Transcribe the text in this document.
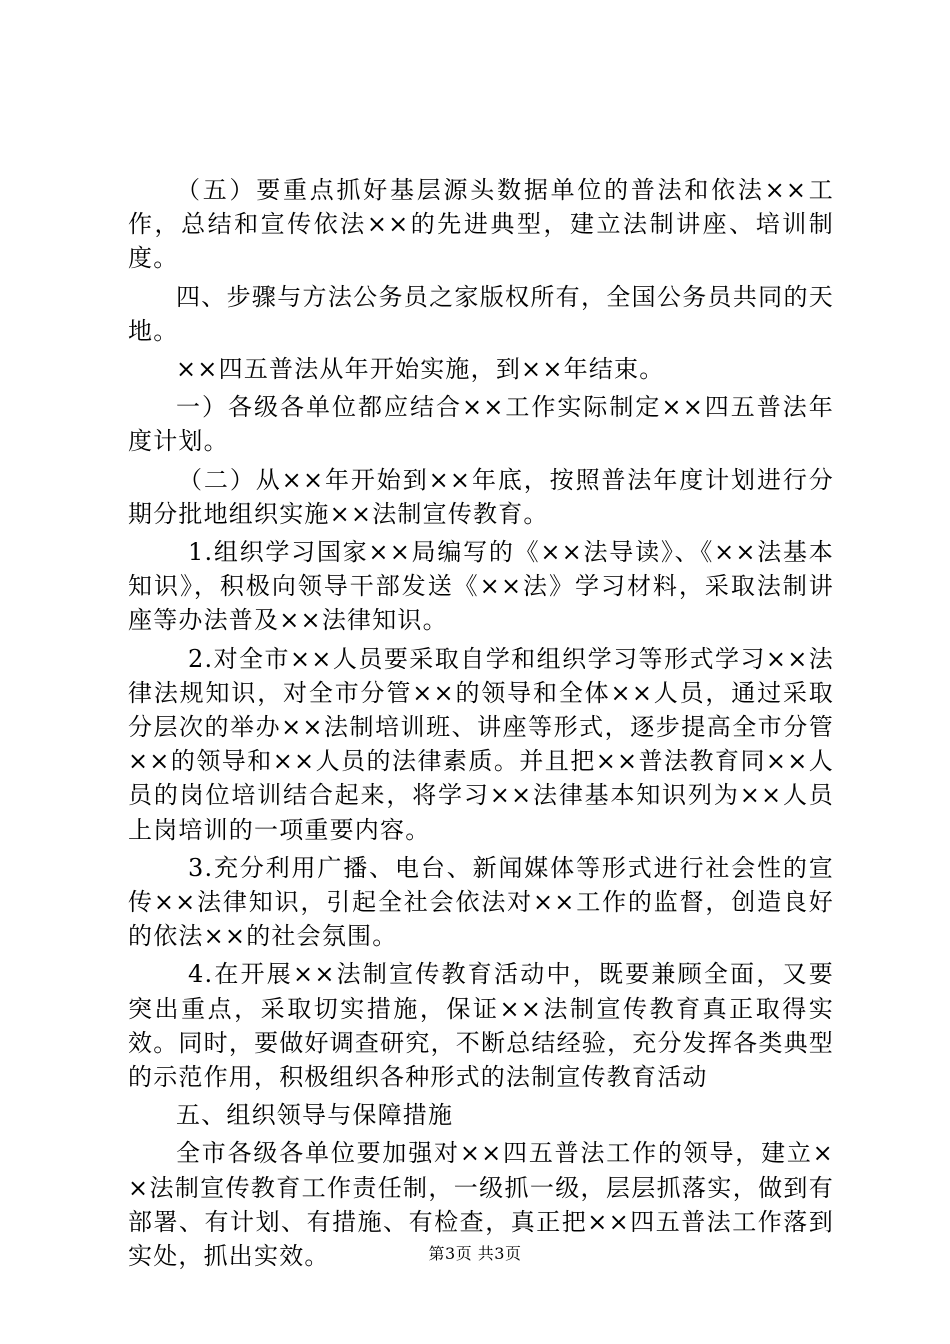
（五）要重点抓好基层源头数据单位的普法和依法××工作，总结和宣传依法××的先进典型，建立法制讲座、培训制度。

四、步骤与方法公务员之家版权所有，全国公务员共同的天地。

××四五普法从年开始实施，到××年结束。

一）各级各单位都应结合××工作实际制定××四五普法年度计划。

（二）从××年开始到××年底，按照普法年度计划进行分期分批地组织实施××法制宣传教育。

1.组织学习国家××局编写的《××法导读》、《××法基本知识》，积极向领导干部发送《××法》学习材料，采取法制讲座等办法普及××法律知识。

2.对全市××人员要采取自学和组织学习等形式学习××法律法规知识，对全市分管××的领导和全体××人员，通过采取分层次的举办××法制培训班、讲座等形式，逐步提高全市分管××的领导和××人员的法律素质。并且把××普法教育同××人员的岗位培训结合起来，将学习××法律基本知识列为××人员上岗培训的一项重要内容。

3.充分利用广播、电台、新闻媒体等形式进行社会性的宣传××法律知识，引起全社会依法对××工作的监督，创造良好的依法××的社会氛围。

4.在开展××法制宣传教育活动中，既要兼顾全面，又要突出重点，采取切实措施，保证××法制宣传教育真正取得实效。同时，要做好调查研究，不断总结经验，充分发挥各类典型的示范作用，积极组织各种形式的法制宣传教育活动

五、组织领导与保障措施

全市各级各单位要加强对××四五普法工作的领导，建立××法制宣传教育工作责任制，一级抓一级，层层抓落实，做到有部署、有计划、有措施、有检查，真正把××四五普法工作落到实处，抓出实效。	第3页 共3页
